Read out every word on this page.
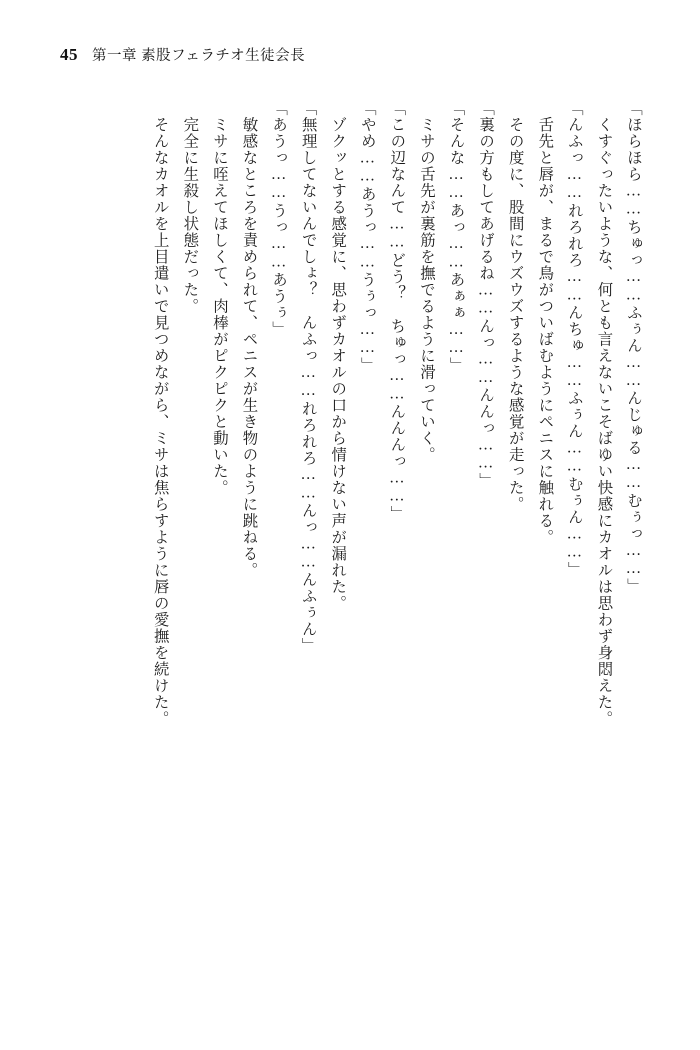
45 第一章 素股フェラチオ生徒会長

「ほらほら……ちゅっ……ふぅん……んじゅる……むぅっ……」

　くすぐったいような、何とも言えないこそばゆい快感にカオルは思わず身悶えた。

「んふっ……れろれろ……んちゅ……ふぅん……むぅん……」

　舌先と唇が、まるで鳥がついばむようにペニスに触れる。

　その度に、股間にウズウズするような感覚が走った。

「裏の方もしてあげるね……んっ……んんっ……」

「そんな……あっ……あぁぁ……」

　ミサの舌先が裏筋を撫でるように滑っていく。

「この辺なんて……どう？　ちゅっ……んんんっ……」

「やめ……あうっ……うぅっ……」

　ゾクッとする感覚に、思わずカオルの口から情けない声が漏れた。

「無理してないんでしょ？　んふっ……れろれろ……んっ……んふぅん」

「あうっ……うっ……あうぅ」

　敏感なところを責められて、ペニスが生き物のように跳ねる。

　ミサに咥えてほしくて、肉棒がピクピクと動いた。

　完全に生殺し状態だった。

　そんなカオルを上目遣いで見つめながら、ミサは焦らすように唇の愛撫を続けた。
